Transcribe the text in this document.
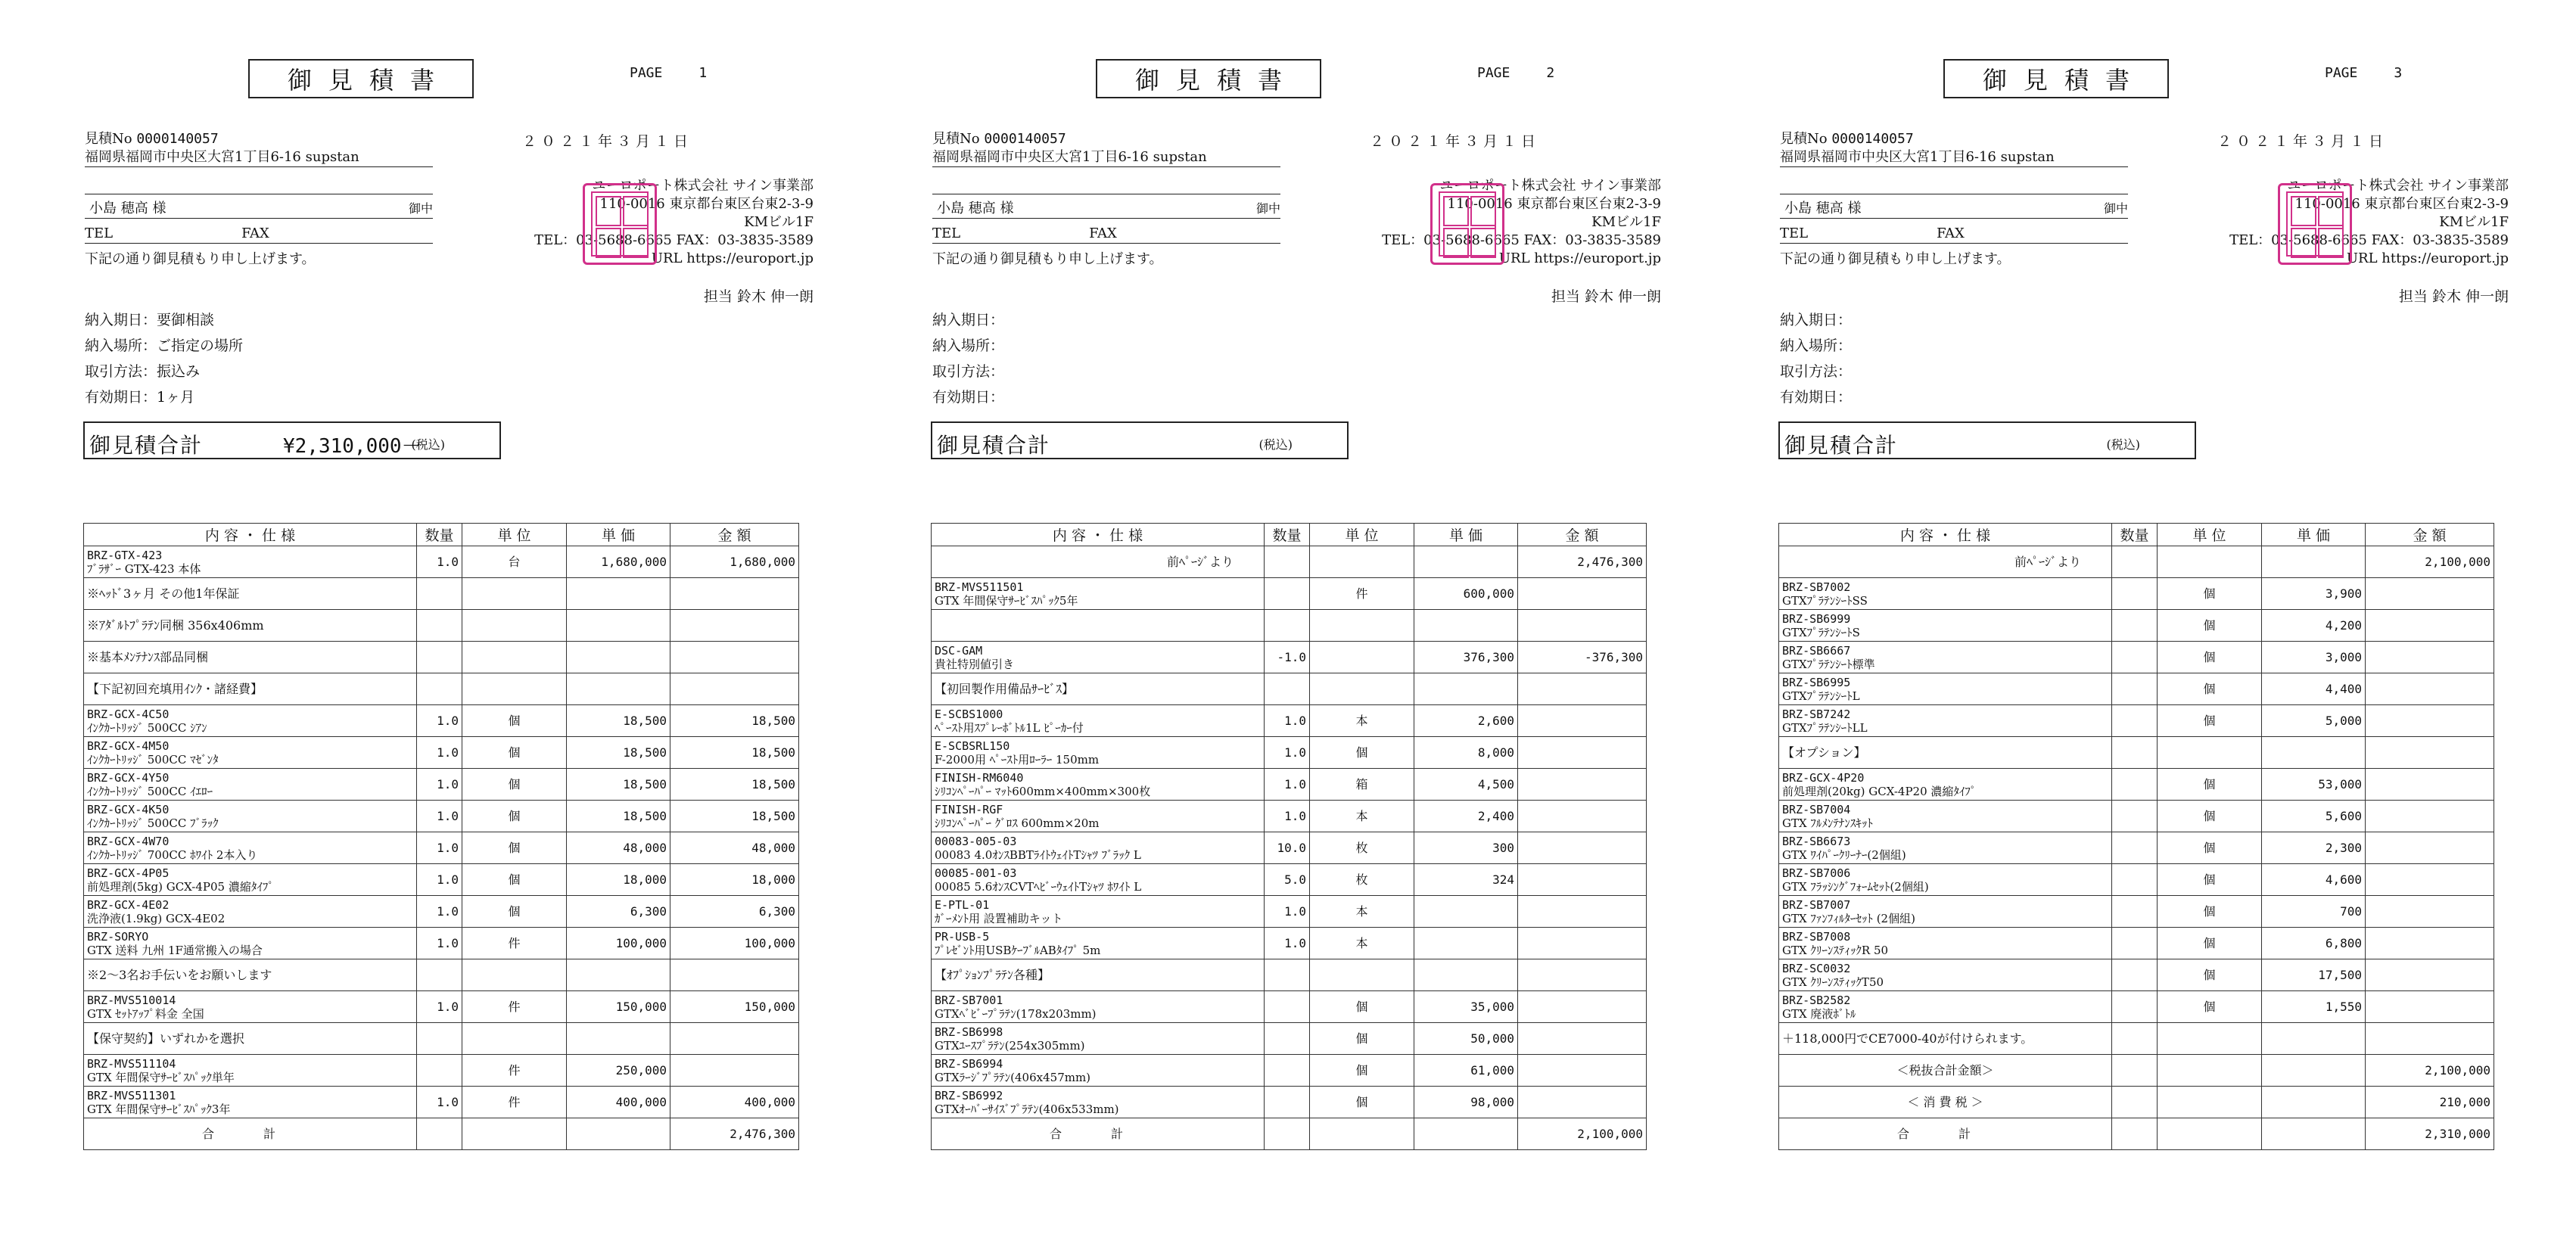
御見積書	PAGE	1
見積No 0000140057
福岡県福岡市中央区大宮1丁目6-16 supstan
小島 穂高 様	御中
TEL	FAX
下記の通り御見積もり申し上げます。
２０２１年３月１日
ユーロポート株式会社 サイン事業部
110-0016 東京都台東区台東2-3-9
KMビル1F
TEL：03-5688-6665 FAX：03-3835-3589
URL https://europort.jp
担当 鈴木 伸一朗
納入期日：要御相談
納入場所：ご指定の場所
取引方法：振込み
有効期日：1ヶ月
御見積合計	¥2,310,000－
(税込)
内 容 ・ 仕 様	数量	単 位	単 価	金 額

BRZ-GTX-423
ﾌﾞﾗｻﾞｰ GTX-423 本体	1.0	台	1,680,000	1,680,000
※ﾍｯﾄﾞ3ヶ月 その他1年保証				
※ｱﾀﾞﾙﾄﾌﾟﾗﾃﾝ同梱 356x406mm				
※基本ﾒﾝﾃﾅﾝｽ部品同梱				
【下記初回充填用ｲﾝｸ・諸経費】				

BRZ-GCX-4C50
ｲﾝｸｶｰﾄﾘｯｼﾞ 500CC ｼｱﾝ	1.0	個	18,500	18,500

BRZ-GCX-4M50
ｲﾝｸｶｰﾄﾘｯｼﾞ 500CC ﾏｾﾞﾝﾀ	1.0	個	18,500	18,500

BRZ-GCX-4Y50
ｲﾝｸｶｰﾄﾘｯｼﾞ 500CC ｲｴﾛｰ	1.0	個	18,500	18,500

BRZ-GCX-4K50
ｲﾝｸｶｰﾄﾘｯｼﾞ 500CC ﾌﾞﾗｯｸ	1.0	個	18,500	18,500

BRZ-GCX-4W70
ｲﾝｸｶｰﾄﾘｯｼﾞ 700CC ﾎﾜｲﾄ 2本入り	1.0	個	48,000	48,000

BRZ-GCX-4P05
前処理剤(5kg) GCX-4P05 濃縮ﾀｲﾌﾟ	1.0	個	18,000	18,000

BRZ-GCX-4E02
洗浄液(1.9kg) GCX-4E02	1.0	個	6,300	6,300

BRZ-SORYO
GTX 送料 九州 1F通常搬入の場合	1.0	件	100,000	100,000
※2～3名お手伝いをお願いします				

BRZ-MVS510014
GTX ｾｯﾄｱｯﾌﾟ料金 全国	1.0	件	150,000	150,000
【保守契約】いずれかを選択				

BRZ-MVS511104
GTX 年間保守ｻｰﾋﾞｽﾊﾟｯｸ単年		件	250,000	

BRZ-MVS511301
GTX 年間保守ｻｰﾋﾞｽﾊﾟｯｸ3年	1.0	件	400,000	400,000
合 計				2,476,300
御見積書	PAGE	2
見積No 0000140057
福岡県福岡市中央区大宮1丁目6-16 supstan
小島 穂高 様	御中
TEL	FAX
下記の通り御見積もり申し上げます。
２０２１年３月１日
ユーロポート株式会社 サイン事業部
110-0016 東京都台東区台東2-3-9
KMビル1F
TEL：03-5688-6665 FAX：03-3835-3589
URL https://europort.jp
担当 鈴木 伸一朗
納入期日：
納入場所：
取引方法：
有効期日：
御見積合計	(税込)
内 容 ・ 仕 様	数量	単 位	単 価	金 額
前ﾍﾟｰｼﾞより				2,476,300

BRZ-MVS511501
GTX 年間保守ｻｰﾋﾞｽﾊﾟｯｸ5年		件	600,000	

DSC-GAM
貴社特別値引き	-1.0		376,300	-376,300
【初回製作用備品ｻｰﾋﾞｽ】				

E-SCBS1000
ﾍﾟｰｽﾄ用ｽﾌﾟﾚｰﾎﾞﾄﾙ1L ﾋﾟｰｶｰ付	1.0	本	2,600	

E-SCBSRL150
F-2000用 ﾍﾟｰｽﾄ用ﾛｰﾗｰ 150mm	1.0	個	8,000	

FINISH-RM6040
ｼﾘｺﾝﾍﾟｰﾊﾟｰ ﾏｯﾄ600mm×400mm×300枚	1.0	箱	4,500	

FINISH-RGF
ｼﾘｺﾝﾍﾟｰﾊﾟｰ ｸﾞﾛｽ 600mm×20m	1.0	本	2,400	

00083-005-03
00083 4.0ｵﾝｽBBTﾗｲﾄｳｪｲﾄTｼｬﾂ ﾌﾞﾗｯｸ L	10.0	枚	300	

00085-001-03
00085 5.6ｵﾝｽCVTﾍﾋﾞｰｳｪｲﾄTｼｬﾂ ﾎﾜｲﾄ L	5.0	枚	324	

E-PTL-01
ｶﾞｰﾒﾝﾄ用 設置補助キット	1.0	本		

PR-USB-5
ﾌﾟﾚｾﾞﾝﾄ用USBｹｰﾌﾞﾙABﾀｲﾌﾟ 5m	1.0	本		
【ｵﾌﾟｼｮﾝﾌﾟﾗﾃﾝ各種】				

BRZ-SB7001
GTXﾍﾞﾋﾞｰﾌﾟﾗﾃﾝ(178x203mm)		個	35,000	

BRZ-SB6998
GTXﾕｰｽﾌﾟﾗﾃﾝ(254x305mm)		個	50,000	

BRZ-SB6994
GTXﾗｰｼﾞﾌﾟﾗﾃﾝ(406x457mm)		個	61,000	

BRZ-SB6992
GTXｵｰﾊﾞｰｻｲｽﾞﾌﾟﾗﾃﾝ(406x533mm)		個	98,000	
合 計				2,100,000
御見積書	PAGE	3
見積No 0000140057
福岡県福岡市中央区大宮1丁目6-16 supstan
小島 穂高 様	御中
TEL	FAX
下記の通り御見積もり申し上げます。
２０２１年３月１日
ユーロポート株式会社 サイン事業部
110-0016 東京都台東区台東2-3-9
KMビル1F
TEL：03-5688-6665 FAX：03-3835-3589
URL https://europort.jp
担当 鈴木 伸一朗
納入期日：
納入場所：
取引方法：
有効期日：
御見積合計	(税込)
内 容 ・ 仕 様	数量	単 位	単 価	金 額
前ﾍﾟｰｼﾞより				2,100,000

BRZ-SB7002
GTXﾌﾟﾗﾃﾝｼｰﾄSS		個	3,900	

BRZ-SB6999
GTXﾌﾟﾗﾃﾝｼｰﾄS		個	4,200	

BRZ-SB6667
GTXﾌﾟﾗﾃﾝｼｰﾄ標準		個	3,000	

BRZ-SB6995
GTXﾌﾟﾗﾃﾝｼｰﾄL		個	4,400	

BRZ-SB7242
GTXﾌﾟﾗﾃﾝｼｰﾄLL		個	5,000	
【オプション】				

BRZ-GCX-4P20
前処理剤(20kg) GCX-4P20 濃縮ﾀｲﾌﾟ		個	53,000	

BRZ-SB7004
GTX ﾌﾙﾒﾝﾃﾅﾝｽｷｯﾄ		個	5,600	

BRZ-SB6673
GTX ﾜｲﾊﾟｰｸﾘｰﾅｰ(2個組)		個	2,300	

BRZ-SB7006
GTX ﾌﾗｯｼﾝｸﾞﾌｫｰﾑｾｯﾄ(2個組)		個	4,600	

BRZ-SB7007
GTX ﾌｧﾝﾌｨﾙﾀｰｾｯﾄ (2個組)		個	700	

BRZ-SB7008
GTX ｸﾘｰﾝｽﾃｨｯｸR 50		個	6,800	

BRZ-SC0032
GTX ｸﾘｰﾝｽﾃｨｯｸT50		個	17,500	

BRZ-SB2582
GTX 廃液ﾎﾞﾄﾙ		個	1,550	
＋118,000円でCE7000-40が付けられます。				
＜税抜合計金額＞				2,100,000
＜ 消 費 税 ＞				210,000
合 計				2,310,000
